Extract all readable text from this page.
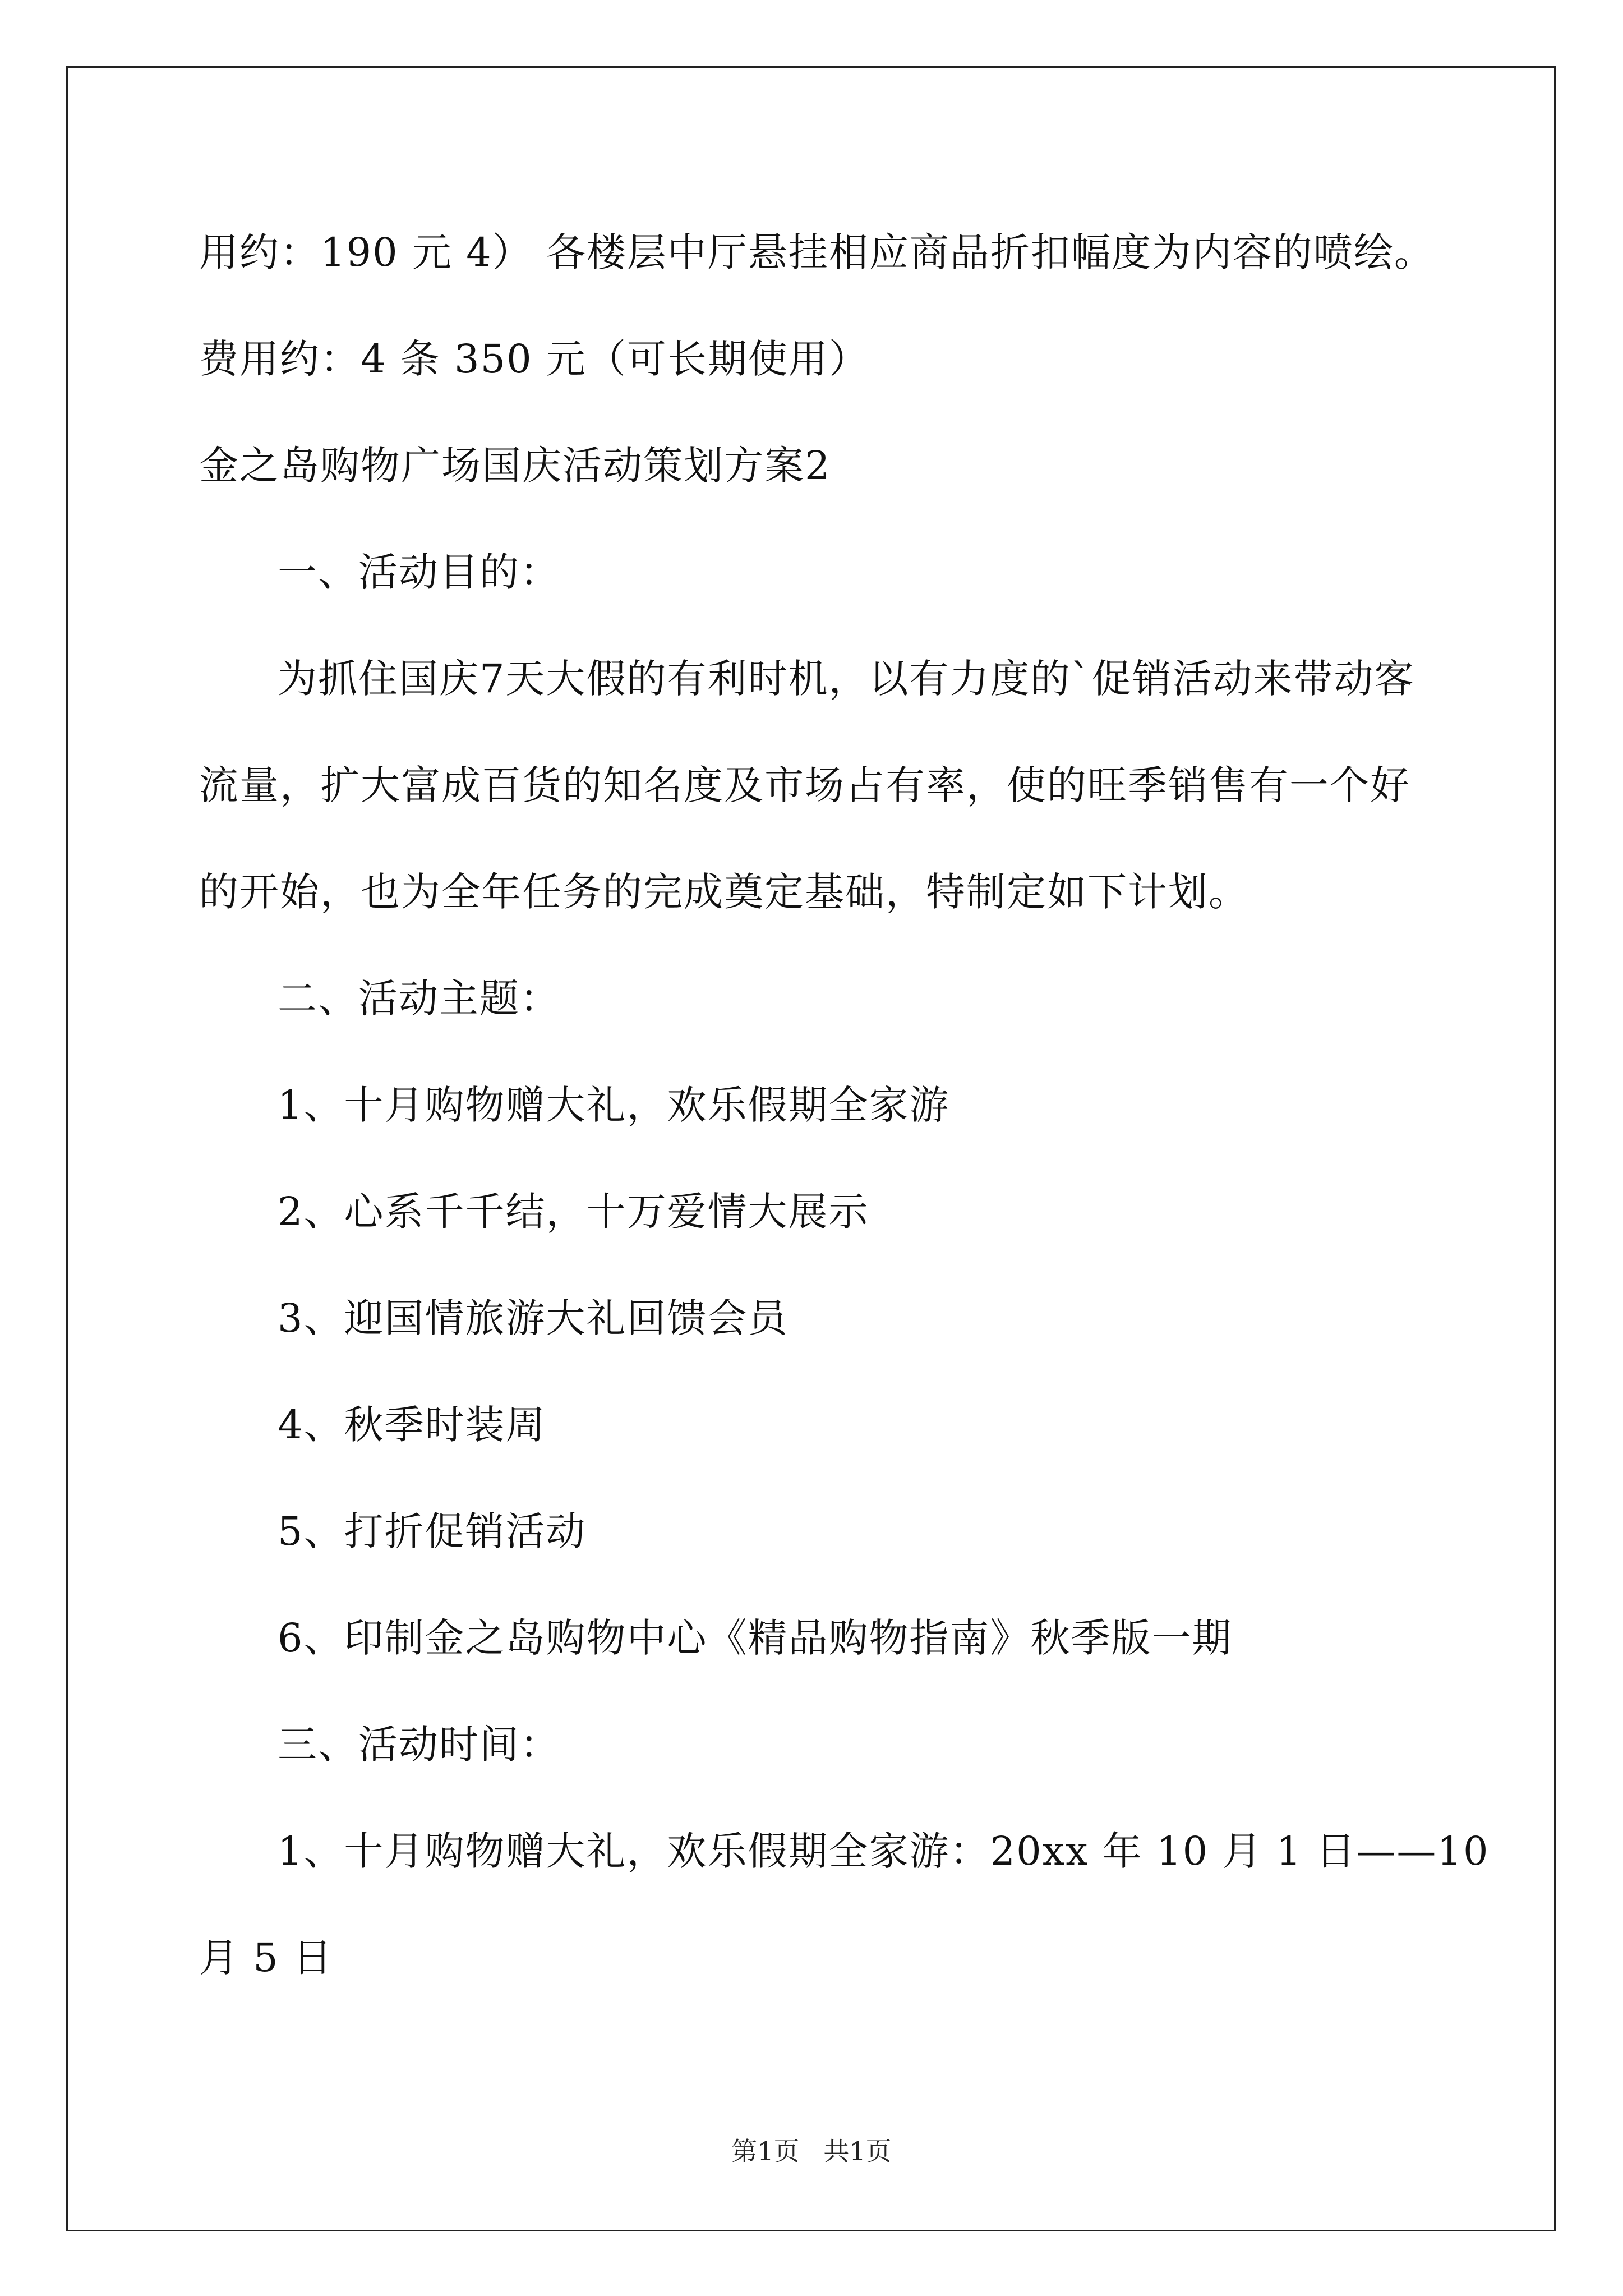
用约：190 元 4） 各楼层中厅悬挂相应商品折扣幅度为内容的喷绘。
费用约：4 条 350 元（可长期使用）
金之岛购物广场国庆活动策划方案2
一、活动目的：
为抓住国庆7天大假的有利时机，以有力度的`促销活动来带动客
流量，扩大富成百货的知名度及市场占有率，使的旺季销售有一个好
的开始，也为全年任务的完成奠定基础，特制定如下计划。
二、活动主题：
1、十月购物赠大礼，欢乐假期全家游
2、心系千千结，十万爱情大展示
3、迎国情旅游大礼回馈会员
4、秋季时装周
5、打折促销活动
6、印制金之岛购物中心《精品购物指南》秋季版一期
三、活动时间：
1、十月购物赠大礼，欢乐假期全家游：20xx 年 10 月 1 日——10
月 5 日
第1页 共1页
